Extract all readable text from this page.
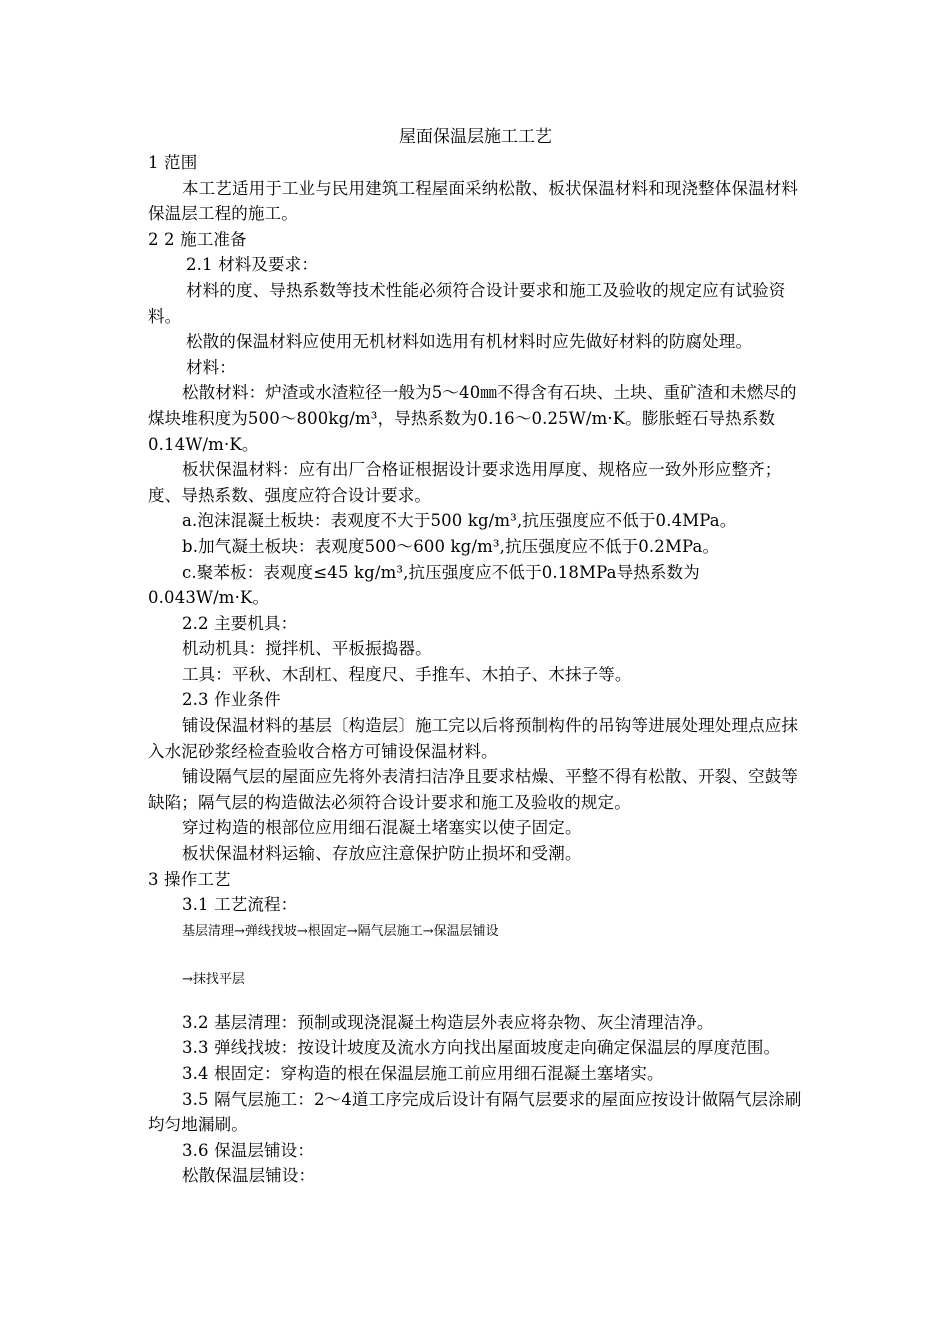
屋面保温层施工工艺

1 范围

本工艺适用于工业与民用建筑工程屋面采纳松散、板状保温材料和现浇整体保温材料保温层工程的施工。

2 2 施工准备

2.1 材料及要求：

材料的度、导热系数等技术性能必须符合设计要求和施工及验收的规定应有试验资料。

松散的保温材料应使用无机材料如选用有机材料时应先做好材料的防腐处理。

材料：

松散材料：炉渣或水渣粒径一般为5～40㎜不得含有石块、土块、重矿渣和未燃尽的煤块堆积度为500～800kg/m³，导热系数为0.16～0.25W/m·K。膨胀蛭石导热系数0.14W/m·K。

板状保温材料：应有出厂合格证根据设计要求选用厚度、规格应一致外形应整齐；度、导热系数、强度应符合设计要求。

a.泡沫混凝土板块：表观度不大于500 kg/m³,抗压强度应不低于0.4MPa。

b.加气凝土板块：表观度500～600 kg/m³,抗压强度应不低于0.2MPa。

c.聚苯板：表观度≤45 kg/m³,抗压强度应不低于0.18MPa导热系数为0.043W/m·K。

2.2 主要机具：

机动机具：搅拌机、平板振捣器。

工具：平秋、木刮杠、程度尺、手推车、木拍子、木抹子等。

2.3 作业条件

铺设保温材料的基层〔构造层〕施工完以后将预制构件的吊钩等进展处理处理点应抹入水泥砂浆经检查验收合格方可铺设保温材料。

铺设隔气层的屋面应先将外表清扫洁净且要求枯燥、平整不得有松散、开裂、空鼓等缺陷；隔气层的构造做法必须符合设计要求和施工及验收的规定。

穿过构造的根部位应用细石混凝土堵塞实以使子固定。

板状保温材料运输、存放应注意保护防止损坏和受潮。

3 操作工艺

3.1 工艺流程：

基层清理→弹线找坡→根固定→隔气层施工→保温层铺设

→抹找平层

3.2 基层清理：预制或现浇混凝土构造层外表应将杂物、灰尘清理洁净。

3.3 弹线找坡：按设计坡度及流水方向找出屋面坡度走向确定保温层的厚度范围。

3.4 根固定：穿构造的根在保温层施工前应用细石混凝土塞堵实。

3.5 隔气层施工：2～4道工序完成后设计有隔气层要求的屋面应按设计做隔气层涂刷均匀地漏刷。

3.6 保温层铺设：

松散保温层铺设：
